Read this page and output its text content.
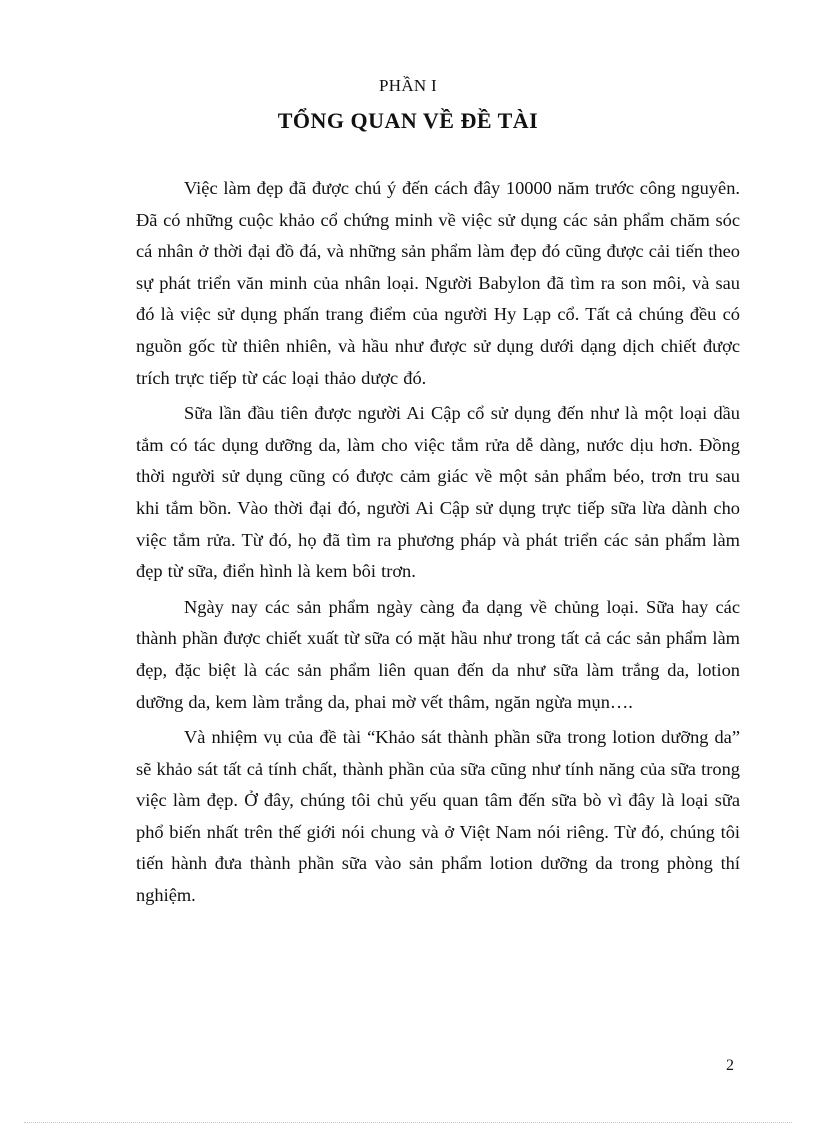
PHẦN I
TỔNG QUAN VỀ ĐỀ TÀI

Việc làm đẹp đã được chú ý đến cách đây 10000 năm trước công nguyên. Đã có những cuộc khảo cổ chứng minh về việc sử dụng các sản phẩm chăm sóc cá nhân ở thời đại đồ đá, và những sản phẩm làm đẹp đó cũng được cải tiến theo sự phát triển văn minh của nhân loại. Người Babylon đã tìm ra son môi, và sau đó là việc sử dụng phấn trang điểm của người Hy Lạp cổ. Tất cả chúng đều có nguồn gốc từ thiên nhiên, và hầu như được sử dụng dưới dạng dịch chiết được trích trực tiếp từ các loại thảo dược đó.

Sữa lần đầu tiên được người Ai Cập cổ sử dụng đến như là một loại dầu tắm có tác dụng dưỡng da, làm cho việc tắm rửa dễ dàng, nước dịu hơn. Đồng thời người sử dụng cũng có được cảm giác về một sản phẩm béo, trơn tru sau khi tắm bồn. Vào thời đại đó, người Ai Cập sử dụng trực tiếp sữa lừa dành cho việc tắm rửa. Từ đó, họ đã tìm ra phương pháp và phát triển các sản phẩm làm đẹp từ sữa, điển hình là kem bôi trơn.

Ngày nay các sản phẩm ngày càng đa dạng về chủng loại. Sữa hay các thành phần được chiết xuất từ sữa có mặt hầu như trong tất cả các sản phẩm làm đẹp, đặc biệt là các sản phẩm liên quan đến da như sữa làm trắng da, lotion dưỡng da, kem làm trắng da, phai mờ vết thâm, ngăn ngừa mụn….

Và nhiệm vụ của đề tài “Khảo sát thành phần sữa trong lotion dưỡng da” sẽ khảo sát tất cả tính chất, thành phần của sữa cũng như tính năng của sữa trong việc làm đẹp. Ở đây, chúng tôi chủ yếu quan tâm đến sữa bò vì đây là loại sữa phổ biến nhất trên thế giới nói chung và ở Việt Nam nói riêng. Từ đó, chúng tôi tiến hành đưa thành phần sữa vào sản phẩm lotion dưỡng da trong phòng thí nghiệm.

2
